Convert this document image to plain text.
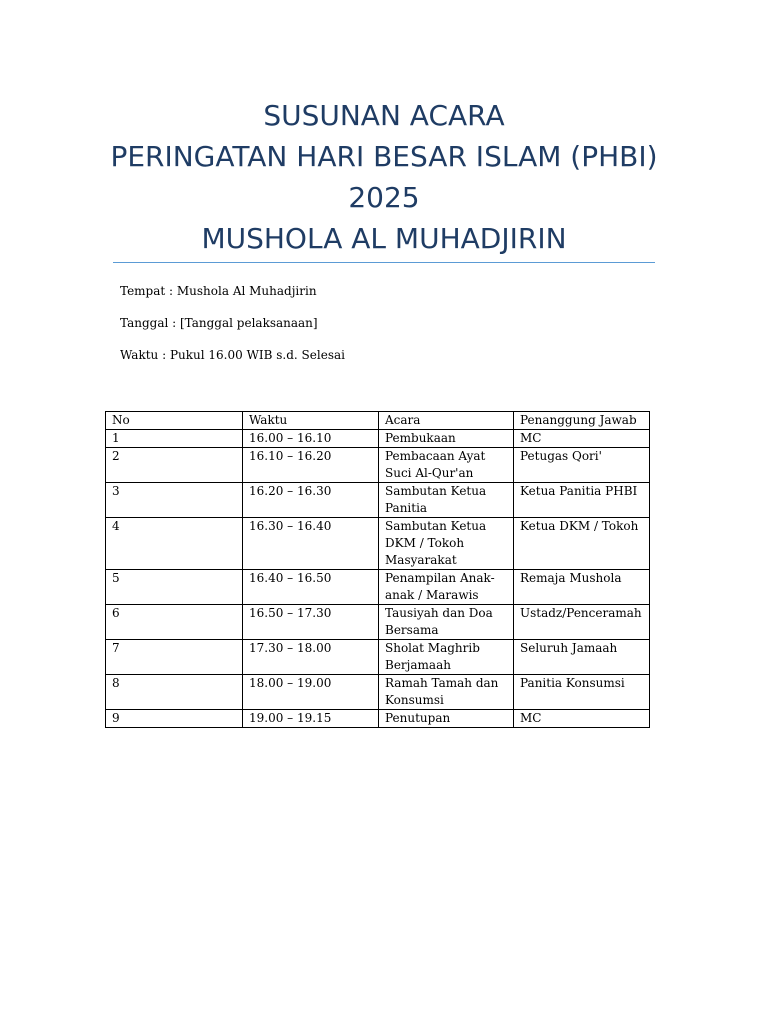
SUSUNAN ACARA
PERINGATAN HARI BESAR ISLAM (PHBI)
2025
MUSHOLA AL MUHADJIRIN
Tempat : Mushola Al Muhadjirin
Tanggal : [Tanggal pelaksanaan]
Waktu : Pukul 16.00 WIB s.d. Selesai
No	Waktu	Acara	Penanggung Jawab
1	16.00 – 16.10	Pembukaan	MC
2	16.10 – 16.20	Pembacaan Ayat Suci Al-Qur'an	Petugas Qori'
3	16.20 – 16.30	Sambutan Ketua Panitia	Ketua Panitia PHBI
4	16.30 – 16.40	Sambutan Ketua DKM / Tokoh Masyarakat	Ketua DKM / Tokoh
5	16.40 – 16.50	Penampilan Anak-anak / Marawis	Remaja Mushola
6	16.50 – 17.30	Tausiyah dan Doa Bersama	Ustadz/Penceramah
7	17.30 – 18.00	Sholat Maghrib Berjamaah	Seluruh Jamaah
8	18.00 – 19.00	Ramah Tamah dan Konsumsi	Panitia Konsumsi
9	19.00 – 19.15	Penutupan	MC
